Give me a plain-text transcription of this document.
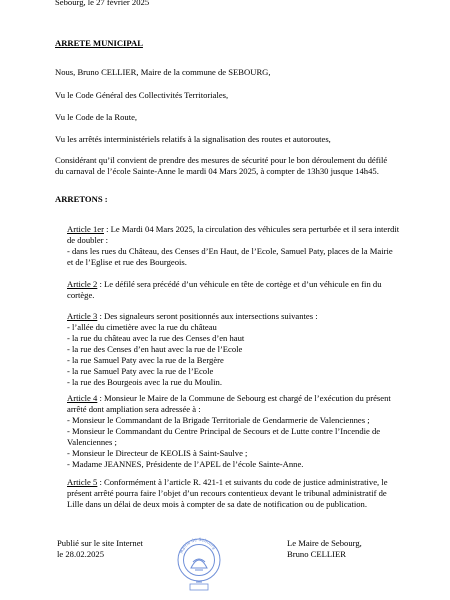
Sebourg, le 27 février 2025
ARRETE MUNICIPAL
Nous, Bruno CELLIER, Maire de la commune de SEBOURG,
Vu le Code Général des Collectivités Territoriales,
Vu le Code de la Route,
Vu les arrêtés interministériels relatifs à la signalisation des routes et autoroutes,
Considérant qu’il convient de prendre des mesures de sécurité pour le bon déroulement du défilé
du carnaval de l’école Sainte-Anne le mardi 04 Mars 2025, à compter de 13h30 jusque 14h45.
ARRETONS :
Article 1er : Le Mardi 04 Mars 2025, la circulation des véhicules sera perturbée et il sera interdit
de doubler :
- dans les rues du Château, des Censes d’En Haut, de l’Ecole, Samuel Paty, places de la Mairie
et de l’Eglise et rue des Bourgeois.
Article 2 : Le défilé sera précédé d’un véhicule en tête de cortège et d’un véhicule en fin du
cortège.
Article 3 : Des signaleurs seront positionnés aux intersections suivantes :
- l’allée du cimetière avec la rue du château
- la rue du château avec la rue des Censes d’en haut
- la rue des Censes d’en haut avec la rue de l’Ecole
- la rue Samuel Paty avec la rue de la Bergère
- la rue Samuel Paty avec la rue de l’Ecole
- la rue des Bourgeois avec la rue du Moulin.
Article 4 : Monsieur le Maire de la Commune de Sebourg est chargé de l’exécution du présent
arrêté dont ampliation sera adressée à :
- Monsieur le Commandant de la Brigade Territoriale de Gendarmerie de Valenciennes ;
- Monsieur le Commandant du Centre Principal de Secours et de Lutte contre l’Incendie de
Valenciennes ;
- Monsieur le Directeur de KEOLIS à Saint-Saulve ;
- Madame JEANNES, Présidente de l’APEL de l’école Sainte-Anne.
Article 5 : Conformément à l’article R. 421-1 et suivants du code de justice administrative, le
présent arrêté pourra faire l’objet d’un recours contentieux devant le tribunal administratif de
Lille dans un délai de deux mois à compter de sa date de notification ou de publication.
Publié sur le site Internet
le 28.02.2025
Le Maire de Sebourg,
Bruno CELLIER
Mairie de Sebourg
